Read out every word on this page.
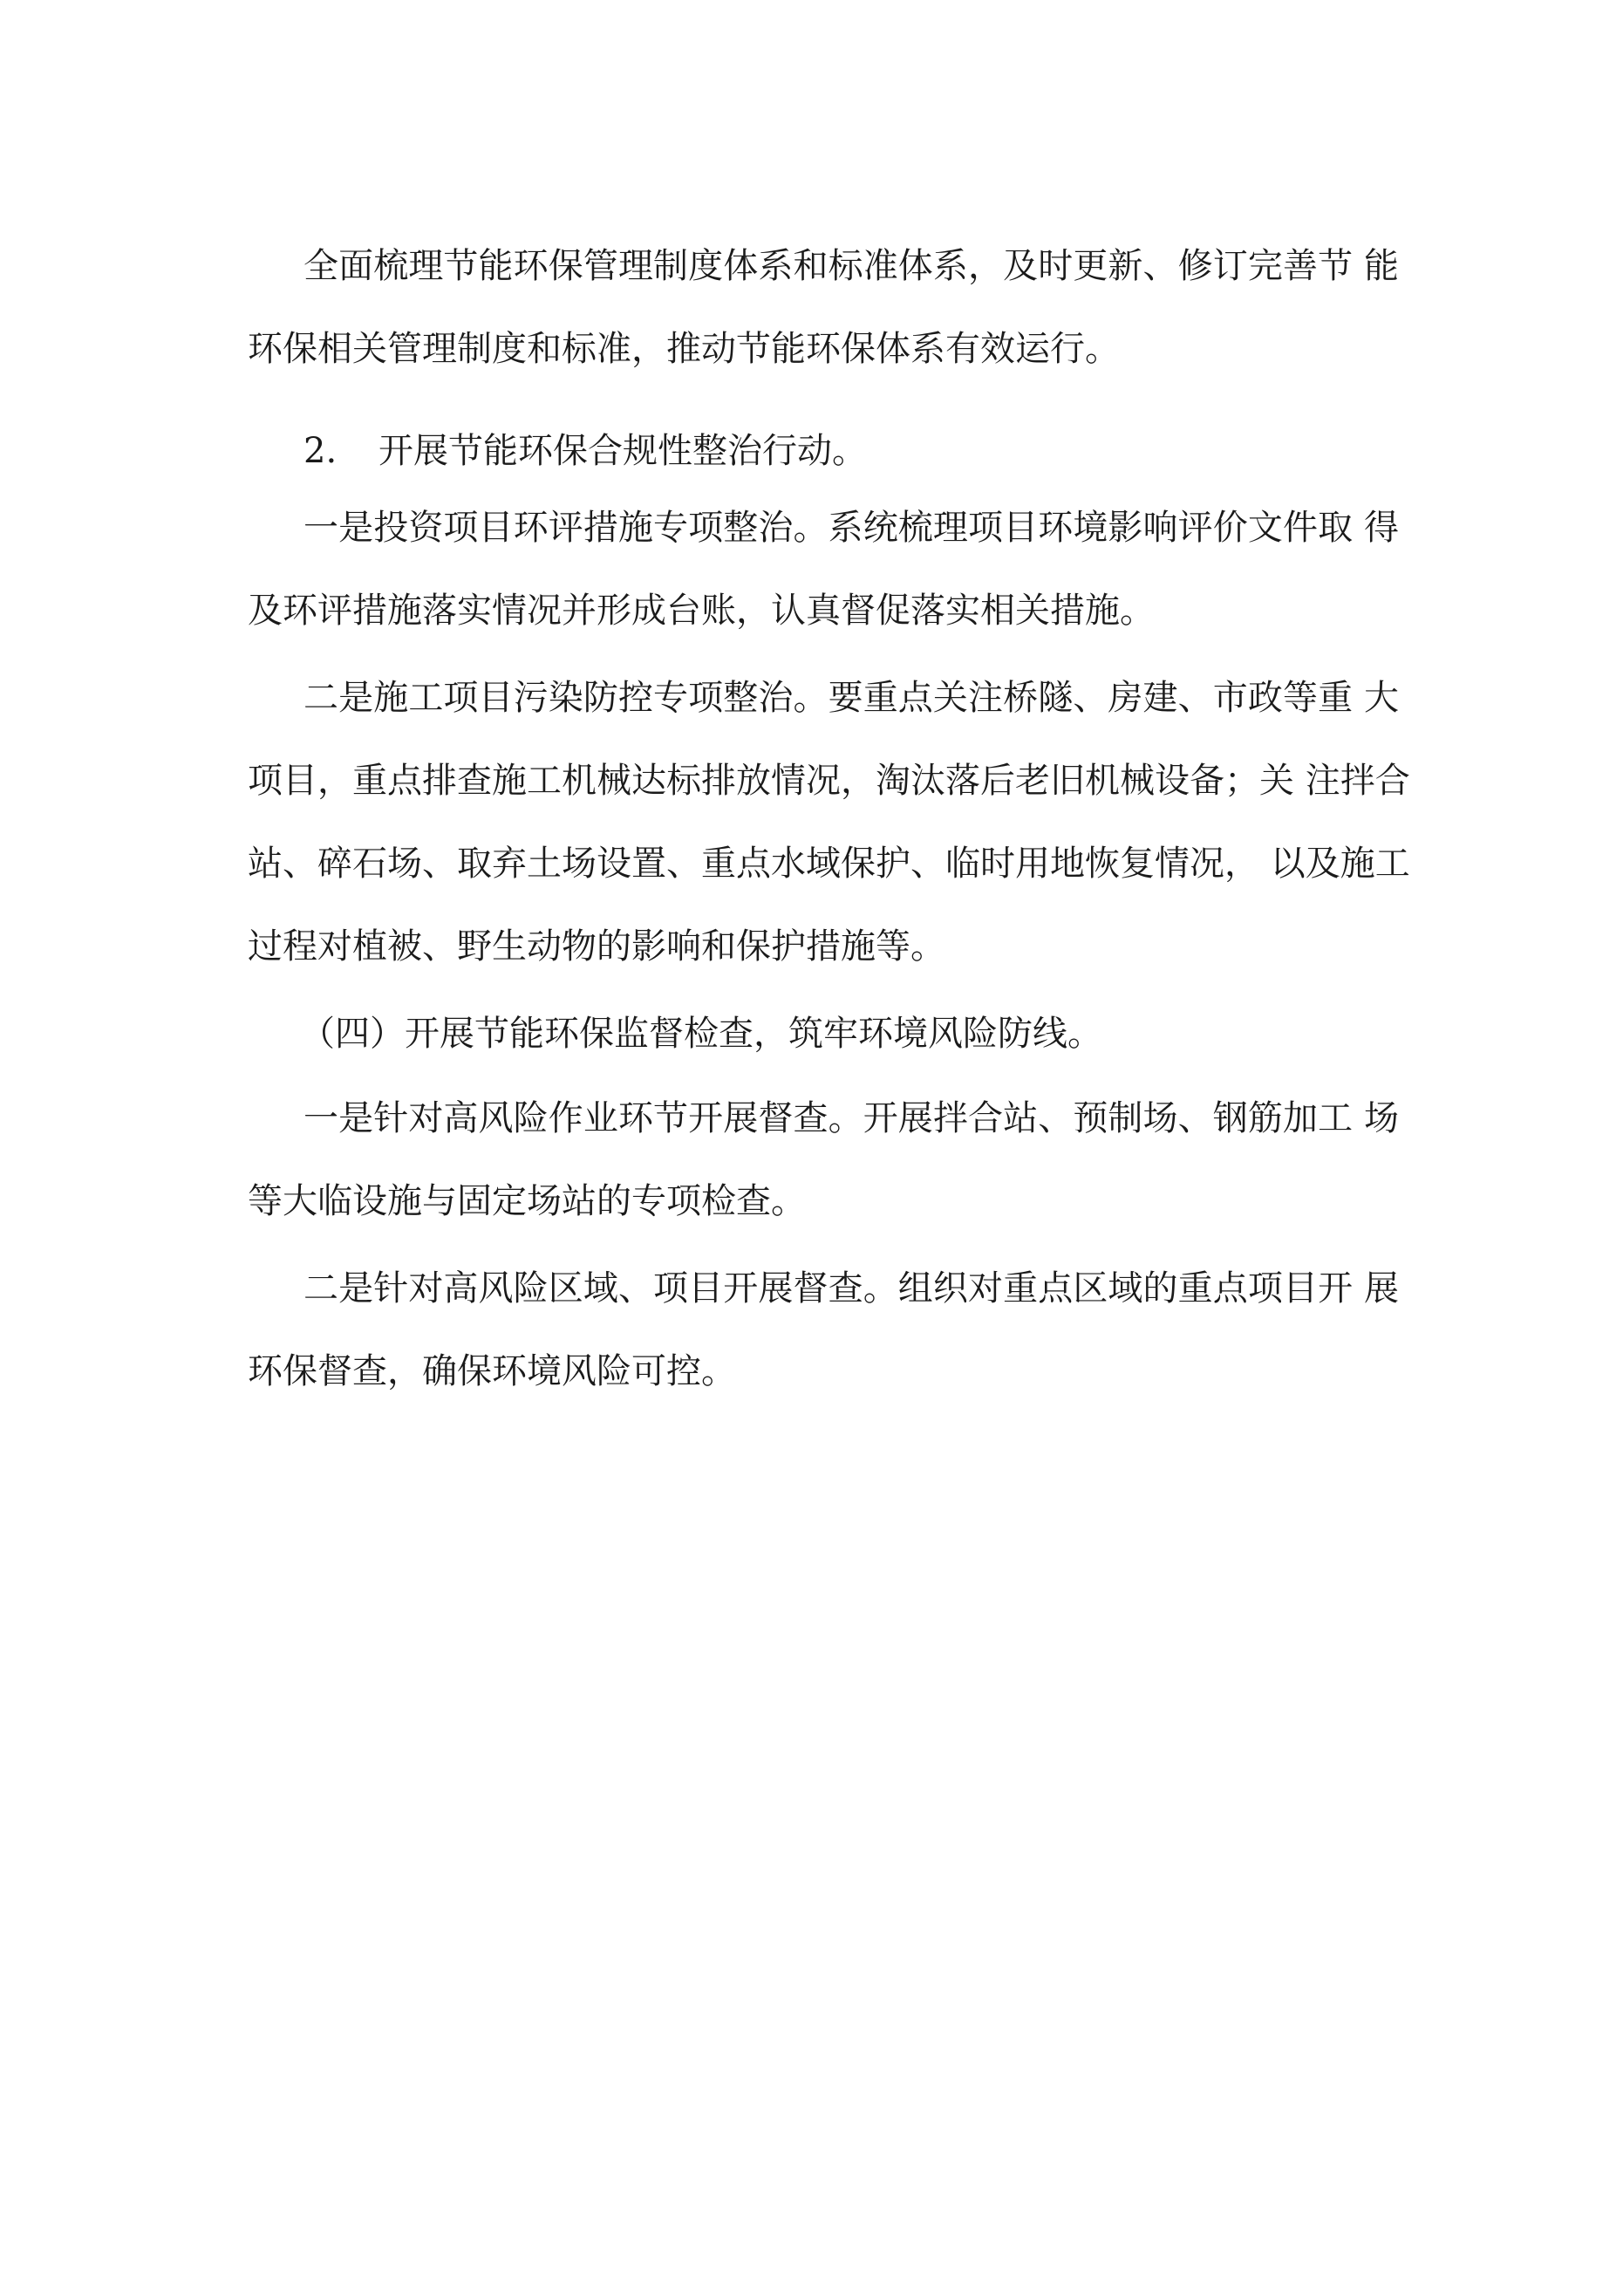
全面梳理节能环保管理制度体系和标准体系，及时更新、修订完善节 能
环保相关管理制度和标准，推动节能环保体系有效运行。
2. 开展节能环保合规性整治行动。
一是投资项目环评措施专项整治。系统梳理项目环境影响评价文件取 得
及环评措施落实情况并形成台账，认真督促落实相关措施。
二是施工项目污染防控专项整治。要重点关注桥隧、房建、市政等重 大
项目，重点排查施工机械达标排放情况，淘汰落后老旧机械设备；关 注拌合
站、碎石场、取弃土场设置、重点水域保护、临时用地恢复情况， 以及施工
过程对植被、野生动物的影响和保护措施等。
（四）开展节能环保监督检查，筑牢环境风险防线。
一是针对高风险作业环节开展督查。开展拌合站、预制场、钢筋加工 场
等大临设施与固定场站的专项检查。
二是针对高风险区域、项目开展督查。组织对重点区域的重点项目开 展
环保督查，确保环境风险可控。
